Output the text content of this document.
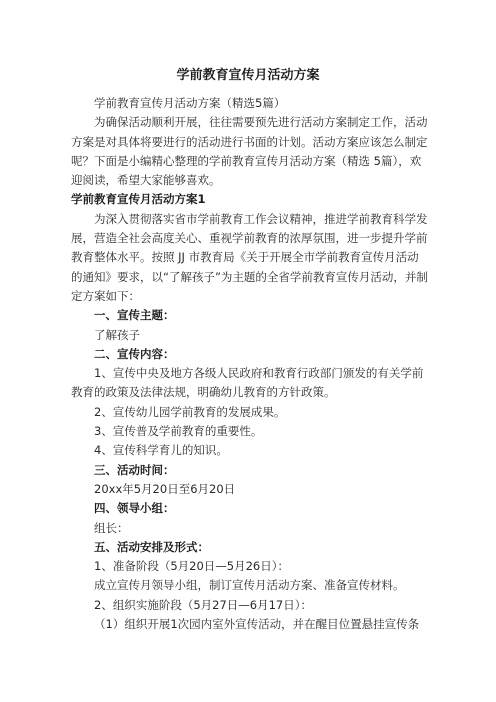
学前教育宣传月活动方案

学前教育宣传月活动方案（精选5篇）

为确保活动顺利开展，往往需要预先进行活动方案制定工作，活动方案是对具体将要进行的活动进行书面的计划。活动方案应该怎么制定呢？下面是小编精心整理的学前教育宣传月活动方案（精选 5篇），欢迎阅读，希望大家能够喜欢。

学前教育宣传月活动方案1

为深入贯彻落实省市学前教育工作会议精神，推进学前教育科学发展，营造全社会高度关心、重视学前教育的浓厚氛围，进一步提升学前教育整体水平。按照 JJ 市教育局《关于开展全市学前教育宣传月活动的通知》要求，以“了解孩子”为主题的全省学前教育宣传月活动，并制定方案如下：

一、宣传主题：

了解孩子

二、宣传内容：

1、宣传中央及地方各级人民政府和教育行政部门颁发的有关学前教育的政策及法律法规，明确幼儿教育的方针政策。

2、宣传幼儿园学前教育的发展成果。

3、宣传普及学前教育的重要性。

4、宣传科学育儿的知识。

三、活动时间：

20xx年5月20日至6月20日

四、领导小组：

组长：

五、活动安排及形式：

1、准备阶段（5月20日—5月26日）：

成立宣传月领导小组，制订宣传月活动方案、准备宣传材料。

2、组织实施阶段（5月27日—6月17日）：

（1）组织开展1次园内室外宣传活动，并在醒目位置悬挂宣传条
